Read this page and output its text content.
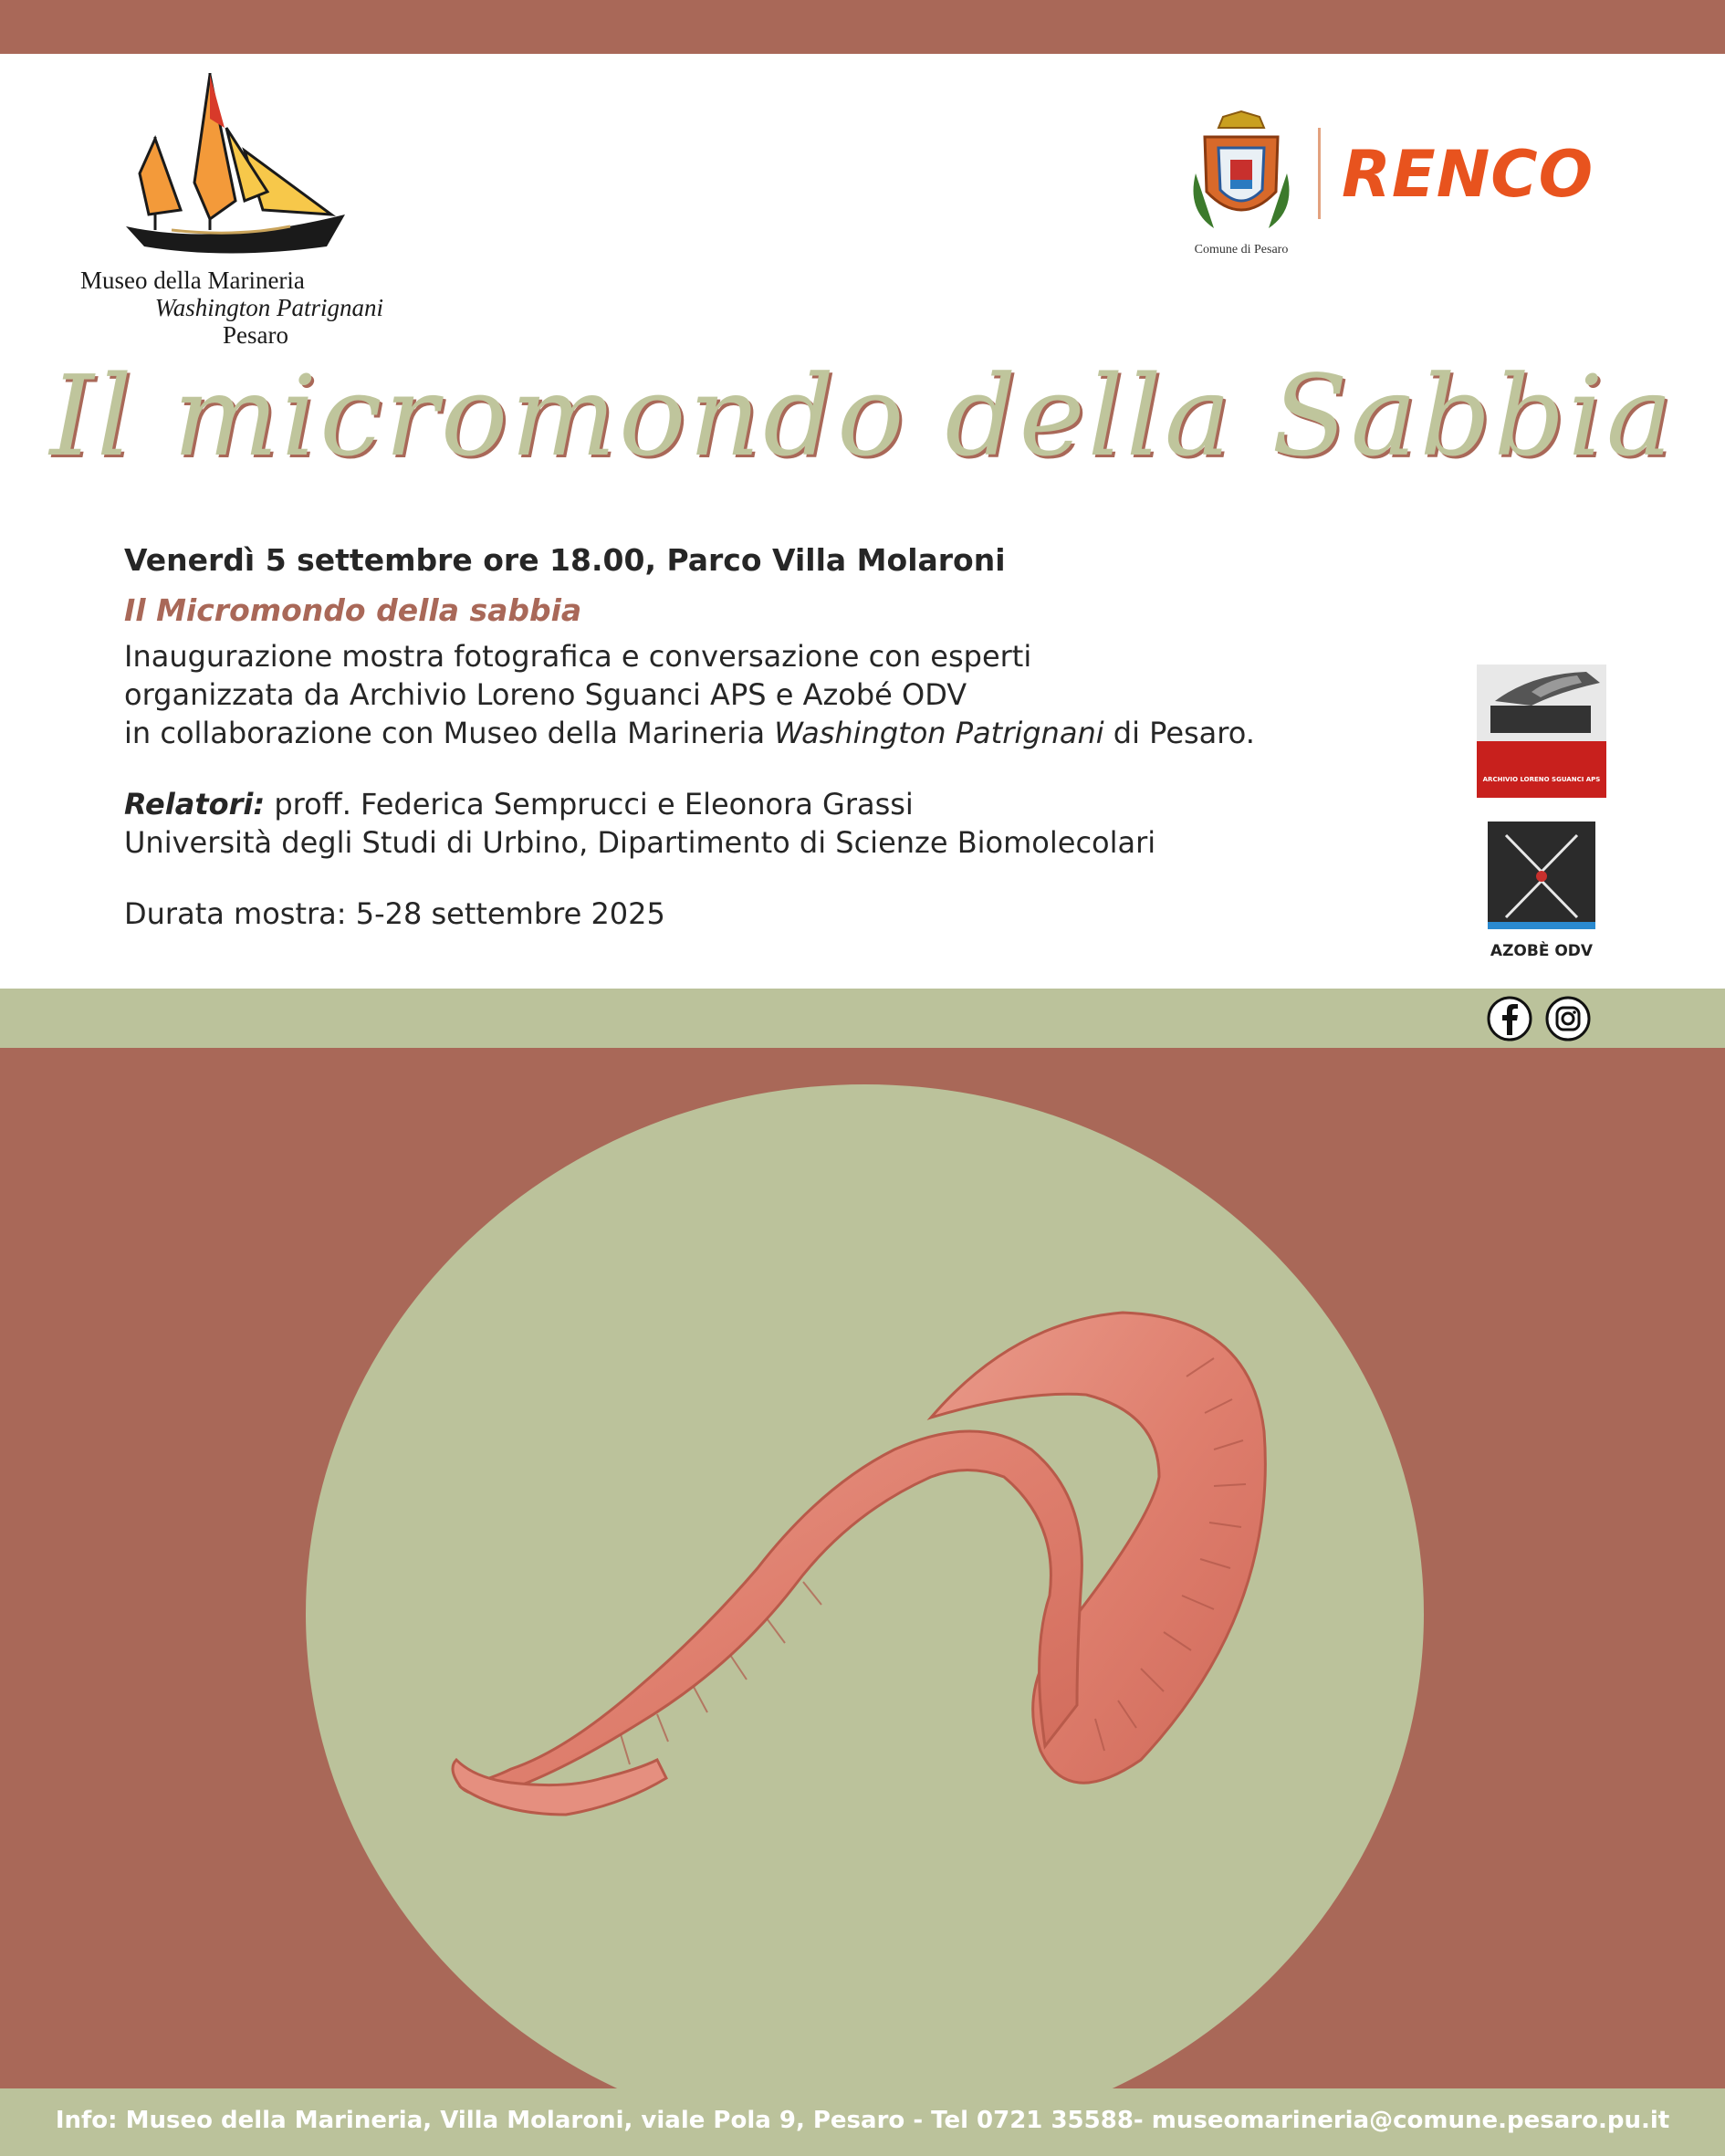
Museo della Marineria
Washington Patrignani
Pesaro
Comune di Pesaro
RENCO
Il micromondo della Sabbia
Venerdì 5 settembre ore 18.00, Parco Villa Molaroni
Il Micromondo della sabbia
Inaugurazione mostra fotografica e conversazione con esperti
organizzata da Archivio Loreno Sguanci APS e Azobé ODV
in collaborazione con Museo della Marineria Washington Patrignani di Pesaro.
Relatori: proff. Federica Semprucci e Eleonora Grassi
Università degli Studi di Urbino, Dipartimento di Scienze Biomolecolari
Durata mostra: 5-28 settembre 2025
ARCHIVIO LORENO SGUANCI APS
AZOBÈ ODV
Info: Museo della Marineria, Villa Molaroni, viale Pola 9, Pesaro - Tel 0721 35588- museomarineria@comune.pesaro.pu.it
